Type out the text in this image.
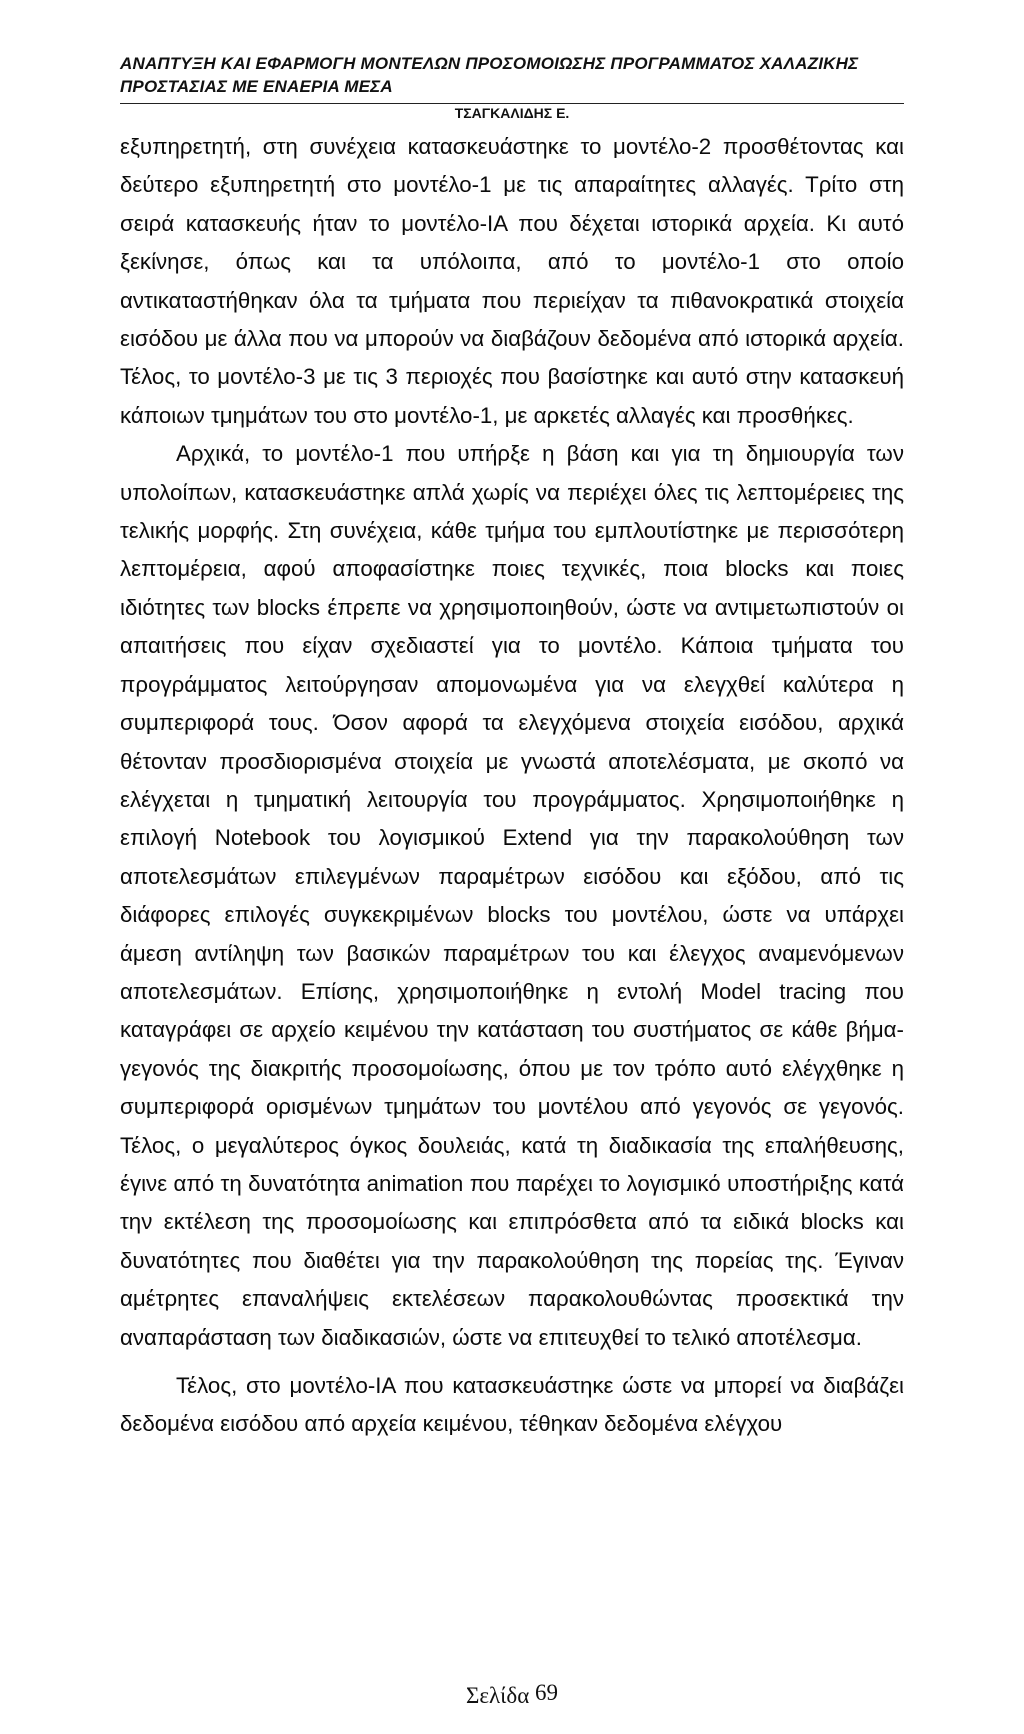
ΑΝΑΠΤΥΞΗ ΚΑΙ ΕΦΑΡΜΟΓΗ ΜΟΝΤΕΛΩΝ ΠΡΟΣΟΜΟΙΩΣΗΣ ΠΡΟΓΡΑΜΜΑΤΟΣ ΧΑΛΑΖΙΚΗΣ ΠΡΟΣΤΑΣΙΑΣ ΜΕ ΕΝΑΕΡΙΑ ΜΕΣΑ
ΤΣΑΓΚΑΛΙΔΗΣ Ε.

εξυπηρετητή, στη συνέχεια κατασκευάστηκε το μοντέλο-2 προσθέτοντας και δεύτερο εξυπηρετητή στο μοντέλο-1 με τις απαραίτητες αλλαγές. Τρίτο στη σειρά κατασκευής ήταν το μοντέλο-ΙΑ που δέχεται ιστορικά αρχεία. Κι αυτό ξεκίνησε, όπως και τα υπόλοιπα, από το μοντέλο-1 στο οποίο αντικαταστήθηκαν όλα τα τμήματα που περιείχαν τα πιθανοκρατικά στοιχεία εισόδου με άλλα που να μπορούν να διαβάζουν δεδομένα από ιστορικά αρχεία. Τέλος, το μοντέλο-3 με τις 3 περιοχές που βασίστηκε και αυτό στην κατασκευή κάποιων τμημάτων του στο μοντέλο-1, με αρκετές αλλαγές και προσθήκες.

Αρχικά, το μοντέλο-1 που υπήρξε η βάση και για τη δημιουργία των υπολοίπων, κατασκευάστηκε απλά χωρίς να περιέχει όλες τις λεπτομέρειες της τελικής μορφής. Στη συνέχεια, κάθε τμήμα του εμπλουτίστηκε με περισσότερη λεπτομέρεια, αφού αποφασίστηκε ποιες τεχνικές, ποια blocks και ποιες ιδιότητες των blocks έπρεπε να χρησιμοποιηθούν, ώστε να αντιμετωπιστούν οι απαιτήσεις που είχαν σχεδιαστεί για το μοντέλο. Κάποια τμήματα του προγράμματος λειτούργησαν απομονωμένα για να ελεγχθεί καλύτερα η συμπεριφορά τους. Όσον αφορά τα ελεγχόμενα στοιχεία εισόδου, αρχικά θέτονταν προσδιορισμένα στοιχεία με γνωστά αποτελέσματα, με σκοπό να ελέγχεται η τμηματική λειτουργία του προγράμματος. Χρησιμοποιήθηκε η επιλογή Notebook του λογισμικού Extend για την παρακολούθηση των αποτελεσμάτων επιλεγμένων παραμέτρων εισόδου και εξόδου, από τις διάφορες επιλογές συγκεκριμένων blocks του μοντέλου, ώστε να υπάρχει άμεση αντίληψη των βασικών παραμέτρων του και έλεγχος αναμενόμενων αποτελεσμάτων. Επίσης, χρησιμοποιήθηκε η εντολή Model tracing που καταγράφει σε αρχείο κειμένου την κατάσταση του συστήματος σε κάθε βήμα-γεγονός της διακριτής προσομοίωσης, όπου με τον τρόπο αυτό ελέγχθηκε η συμπεριφορά ορισμένων τμημάτων του μοντέλου από γεγονός σε γεγονός. Τέλος, ο μεγαλύτερος όγκος δουλειάς, κατά τη διαδικασία της επαλήθευσης, έγινε από τη δυνατότητα animation που παρέχει το λογισμικό υποστήριξης κατά την εκτέλεση της προσομοίωσης και επιπρόσθετα από τα ειδικά blocks και δυνατότητες που διαθέτει για την παρακολούθηση της πορείας της. Έγιναν αμέτρητες επαναλήψεις εκτελέσεων παρακολουθώντας προσεκτικά την αναπαράσταση των διαδικασιών, ώστε να επιτευχθεί το τελικό αποτέλεσμα.

Τέλος, στο μοντέλο-ΙΑ που κατασκευάστηκε ώστε να μπορεί να διαβάζει δεδομένα εισόδου από αρχεία κειμένου, τέθηκαν δεδομένα ελέγχου

Σελίδα 69
